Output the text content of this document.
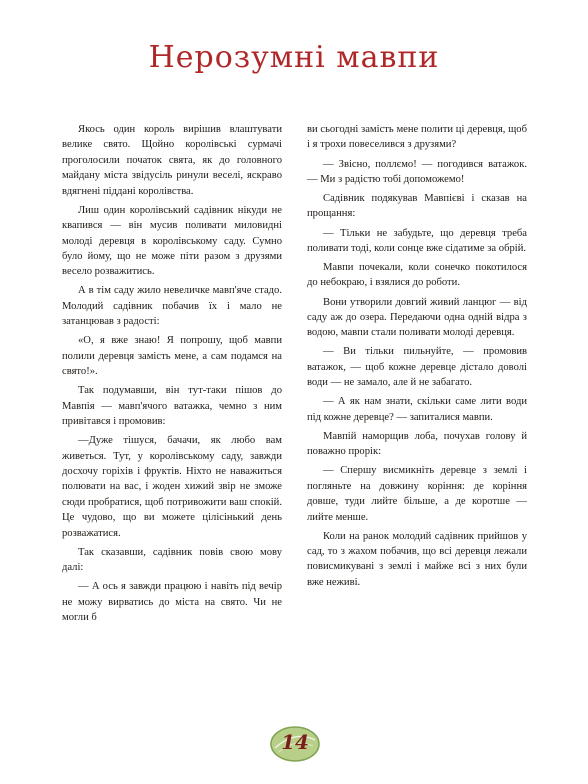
Нерозумні мавпи

Якось один король вирішив влаштувати велике свято. Щойно королівські сурмачі проголосили початок свята, як до головного майдану міста звідусіль ринули веселі, яскраво вдягнені піддані королівства.

Лиш один королівський садівник нікуди не квапився — він мусив поливати миловидні молоді деревця в королівському саду. Сумно було йому, що не може піти разом з друзями весело розважитись.

А в тім саду жило невеличке мавп'яче стадо. Молодий садівник побачив їх і мало не затанцював з радості:

«О, я вже знаю! Я попрошу, щоб мавпи полили деревця замість мене, а сам подамся на свято!».

Так подумавши, він тут-таки пішов до Мавпія — мавп'ячого ватажка, чемно з ним привітався і промовив:

—Дуже тішуся, бачачи, як любо вам живеться. Тут, у королівському саду, завжди досхочу горіхів і фруктів. Ніхто не наважиться полювати на вас, і жоден хижий звір не зможе сюди пробратися, щоб потривожити ваш спокій. Це чудово, що ви можете цілісінький день розважатися.

Так сказавши, садівник повів свою мову далі:

— А ось я завжди працюю і навіть під вечір не можу вирватись до міста на свято. Чи не могли б

ви сьогодні замість мене полити ці деревця, щоб і я трохи повеселився з друзями?

— Звісно, поллємо! — погодився ватажок. — Ми з радістю тобі допоможемо!

Садівник подякував Мавпієві і сказав на прощання:

— Тільки не забудьте, що деревця треба поливати тоді, коли сонце вже сідатиме за обрій.

Мавпи почекали, коли сонечко покотилося до небокраю, і взялися до роботи.

Вони утворили довгий живий ланцюг — від саду аж до озера. Передаючи одна одній відра з водою, мавпи стали поливати молоді деревця.

— Ви тільки пильнуйте, — промовив ватажок, — щоб кожне деревце дістало доволі води — не замало, але й не забагато.

— А як нам знати, скільки саме лити води під кожне деревце? — запиталися мавпи.

Мавпій наморщив лоба, почухав голову й поважно прорік:

— Спершу висмикніть деревце з землі і погляньте на довжину коріння: де коріння довше, туди лийте більше, а де коротше — лийте менше.

Коли на ранок молодий садівник прийшов у сад, то з жахом побачив, що всі деревця лежали повисмикувані з землі і майже всі з них були вже неживі.

14
